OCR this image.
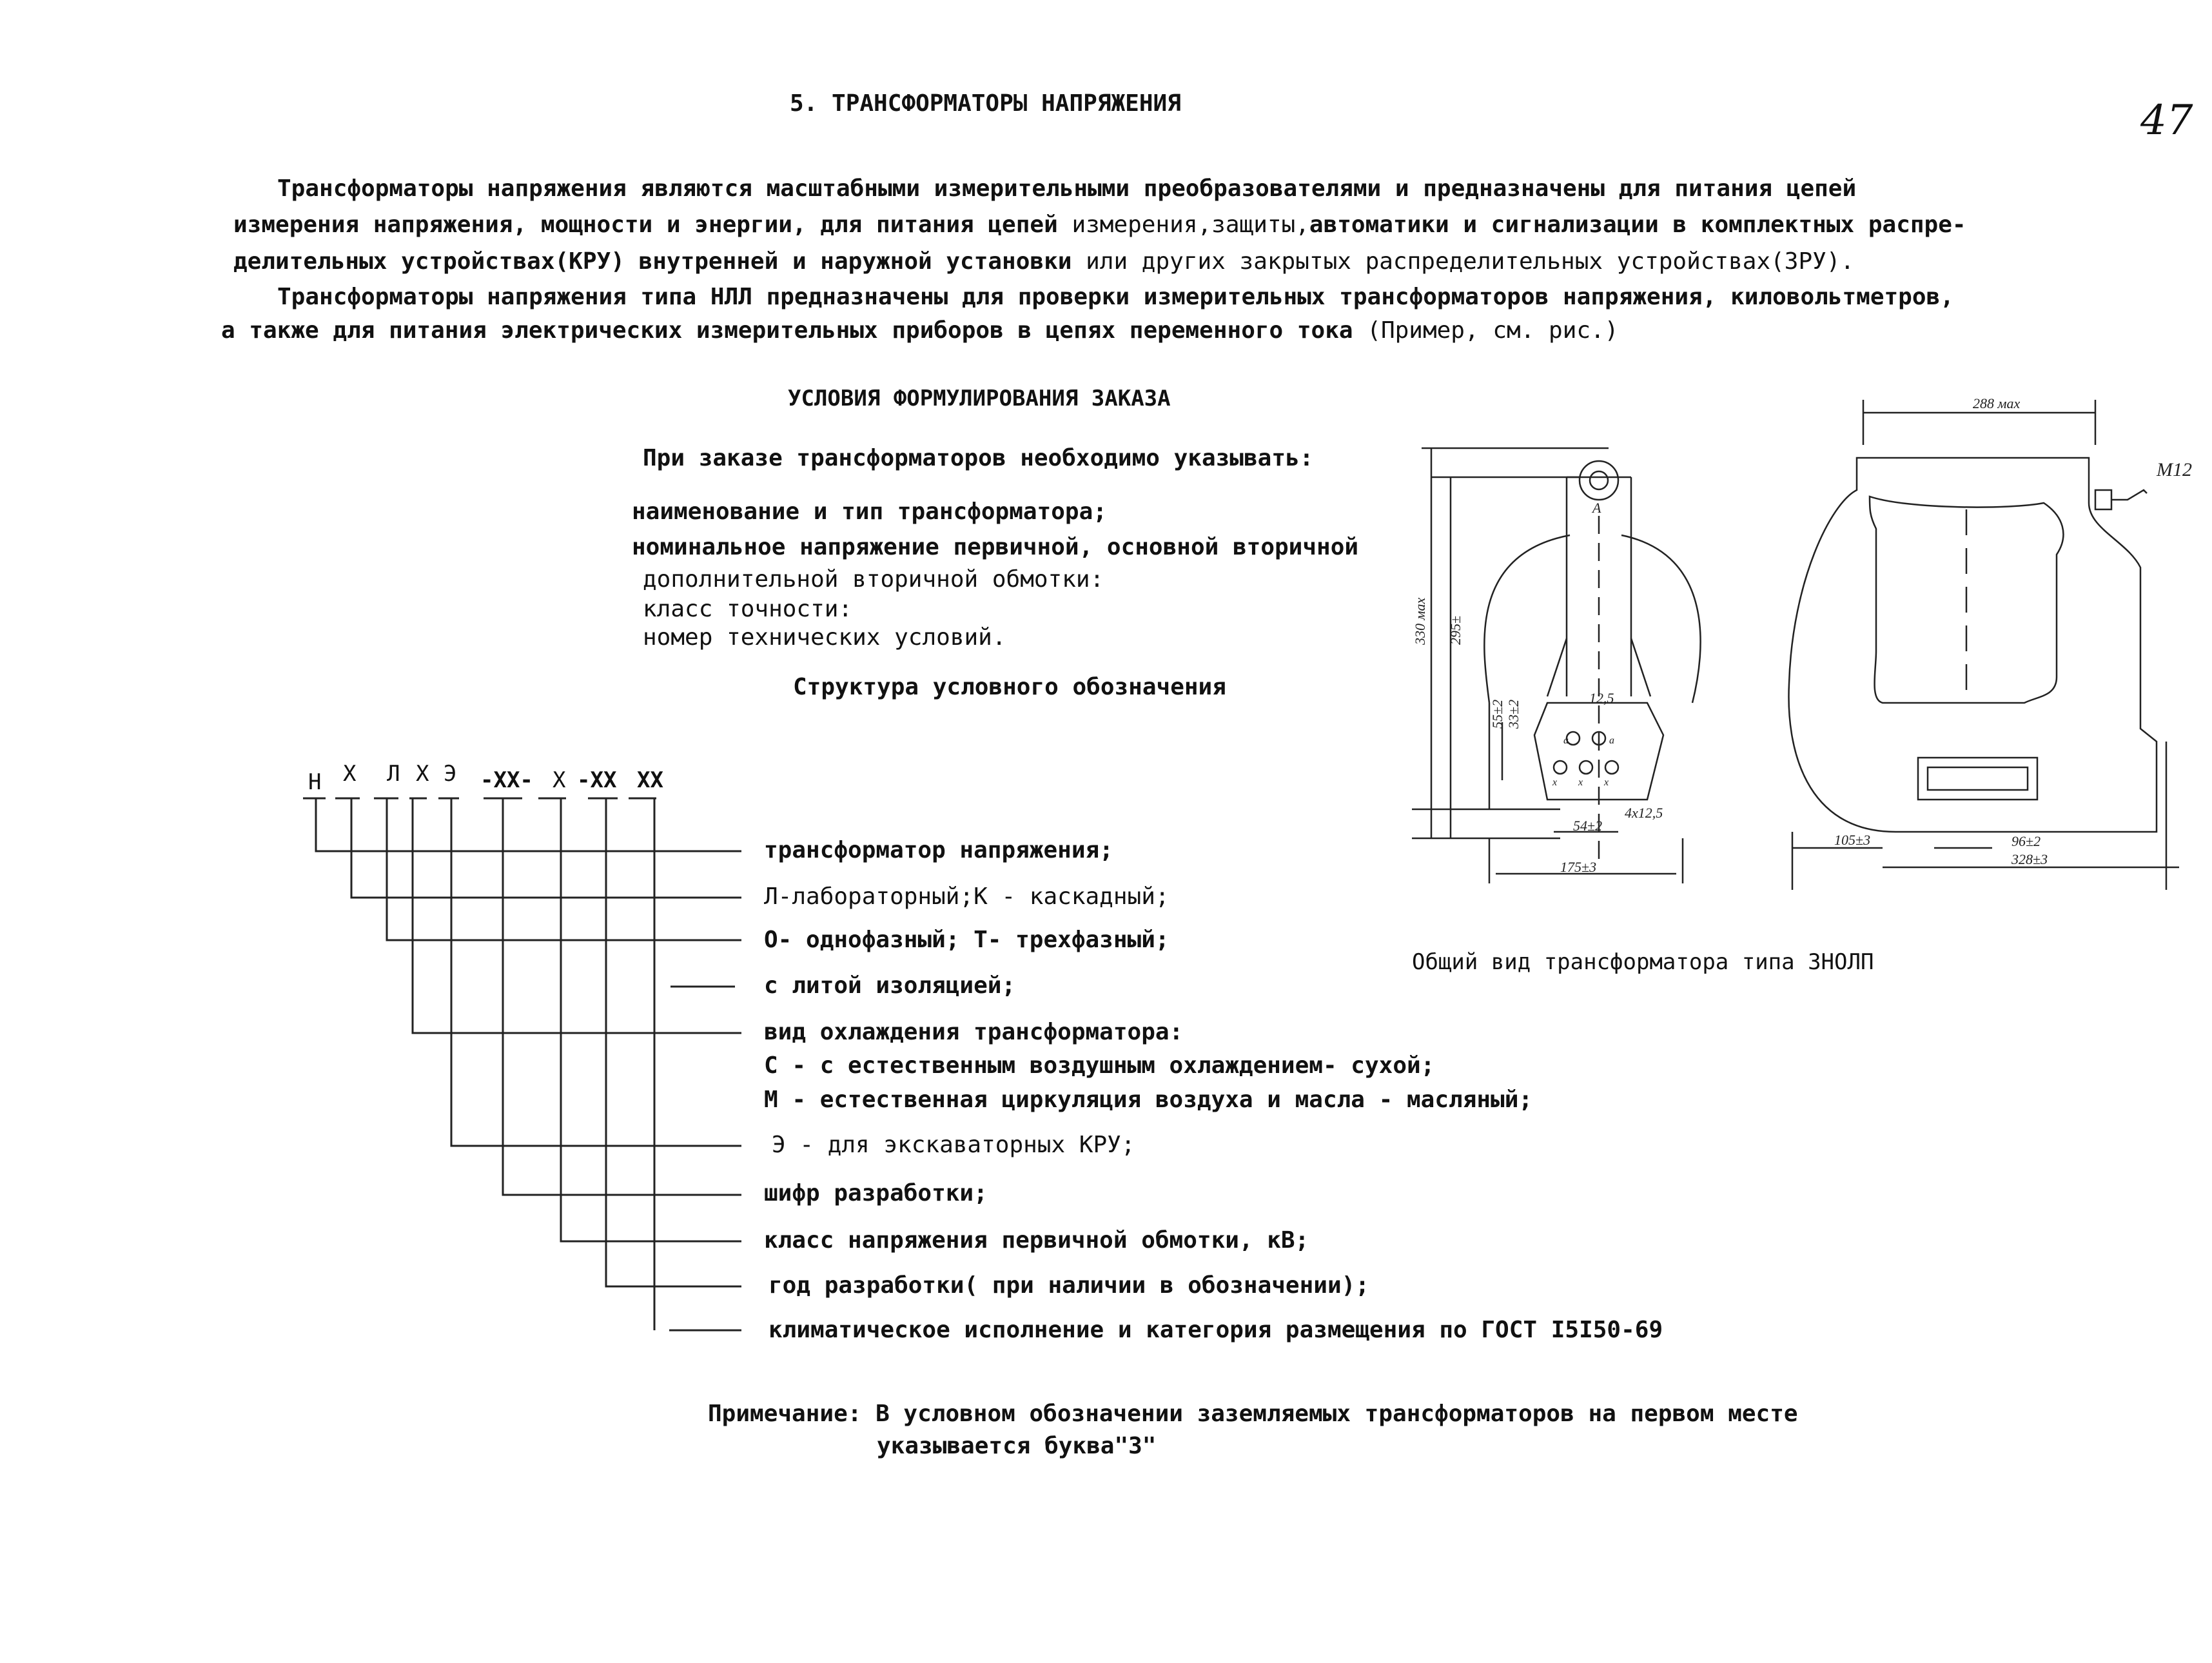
5. ТРАНСФОРМАТОРЫ НАПРЯЖЕНИЯ	47
Трансформаторы напряжения являются масштабными измерительными преобразователями и предназначены для питания цепей
измерения напряжения, мощности и энергии, для питания цепей измерения,защиты,автоматики и сигнализации в комплектных распре-
делительных устройствах(КРУ) внутренней и наружной установки или других закрытых распределительных устройствах(ЗРУ).
Трансформаторы напряжения типа НЛЛ предназначены для проверки измерительных трансформаторов напряжения, киловольтметров,
а также для питания электрических измерительных приборов в цепях переменного тока (Пример, см. рис.)
УСЛОВИЯ ФОРМУЛИРОВАНИЯ ЗАКАЗА
При заказе трансформаторов необходимо указывать:
наименование и тип трансформатора;
номинальное напряжение первичной, основной вторичной
дополнительной вторичной обмотки:
класс точности:
номер технических условий.
Структура условного обозначения
Н Х Л Х Э -ХХ- Х -ХХ ХХ
трансформатор напряжения;
Л-лабораторный;К - каскадный;
О- однофазный; Т- трехфазный;
с литой изоляцией;
вид охлаждения трансформатора:
С - с естественным воздушным охлаждением- сухой;
М - естественная циркуляция воздуха и масла - масляный;
Э - для экскаваторных КРУ;
шифр разработки;
класс напряжения первичной обмотки, кВ;
год разработки( при наличии в обозначении);
климатическое исполнение и категория размещения по ГОСТ I5I50-69
Примечание: В условном обозначении заземляемых трансформаторов на первом месте
указывается буква"3"
Общий вид трансформатора типа ЗНОЛП
330 мах 295±
55±2 33±2
12,5
54±2
4х12,5
175±3
А
а	а
х х х
288 мах
М12
105±3	96±2
328±3
